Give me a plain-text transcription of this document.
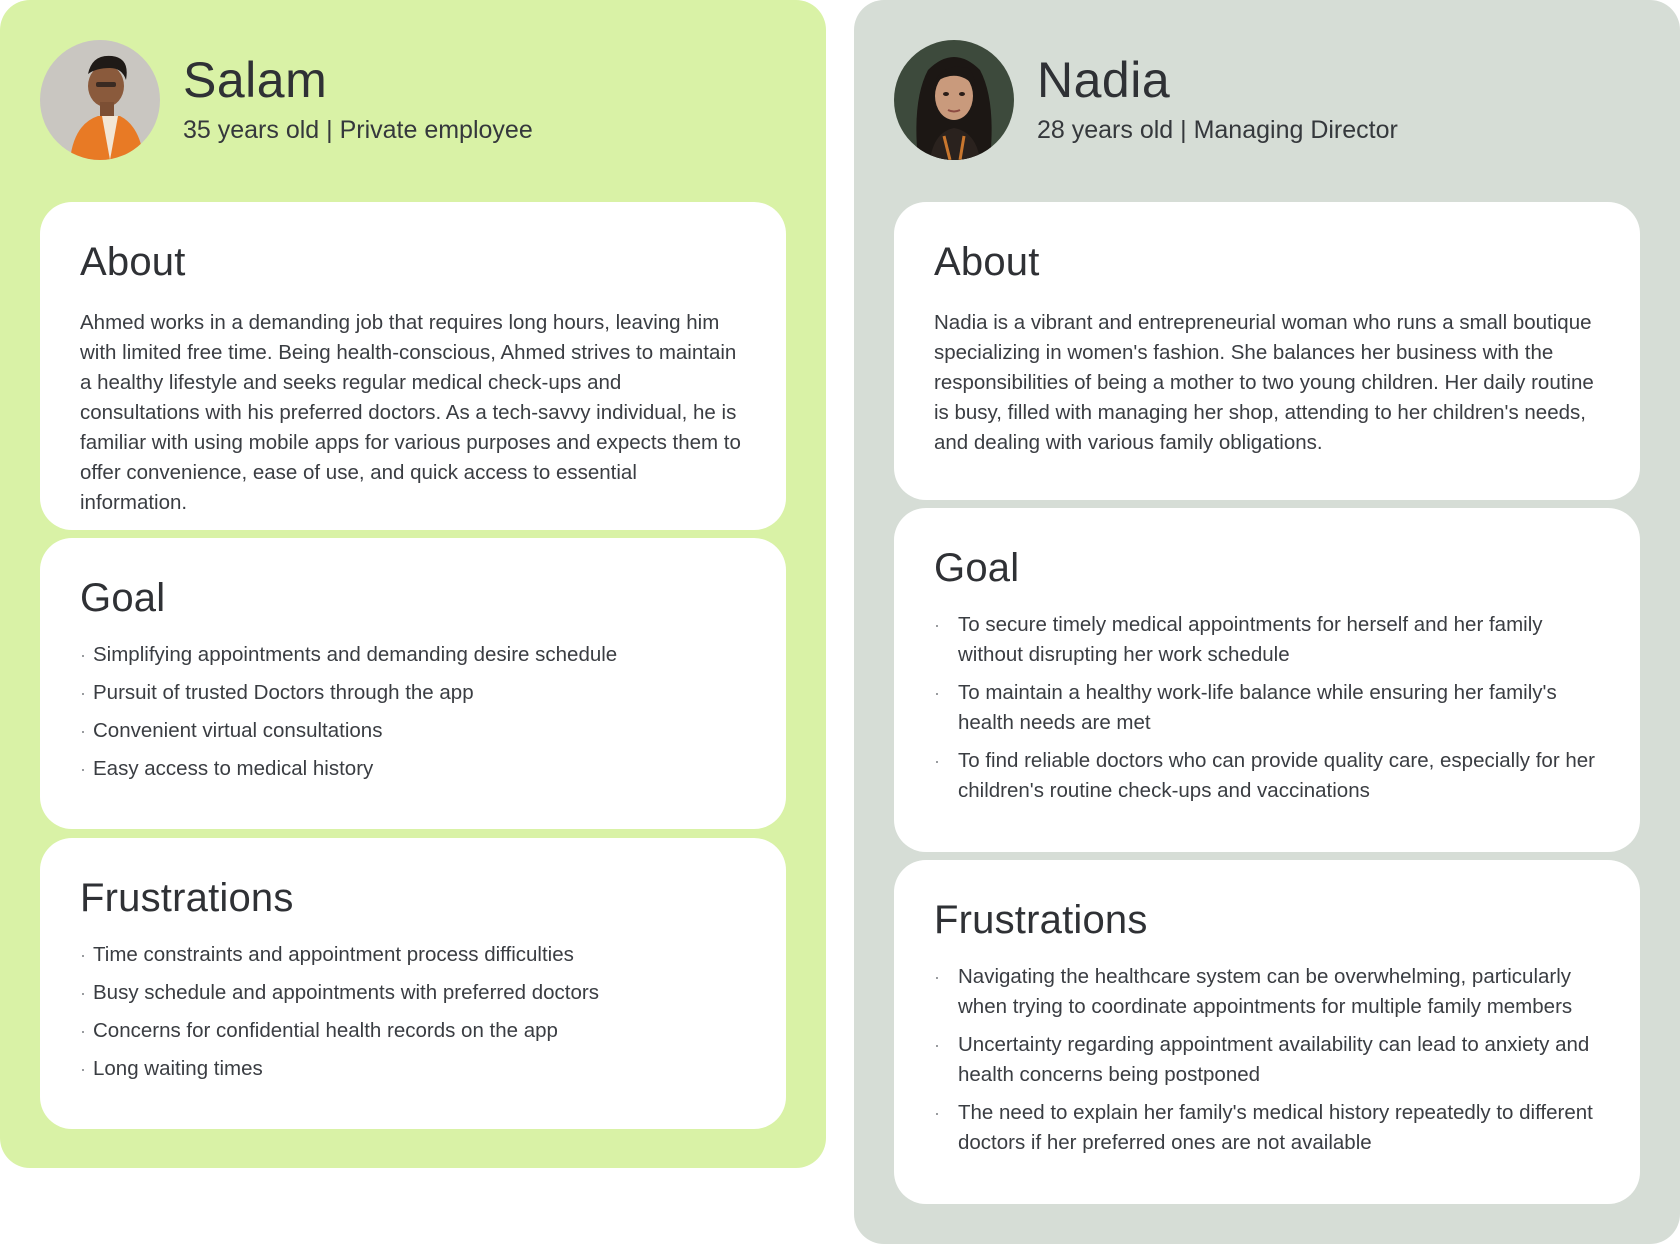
Salam
35 years old | Private employee
About

Ahmed works in a demanding job that requires long hours, leaving him with limited free time. Being health-conscious, Ahmed strives to maintain a healthy lifestyle and seeks regular medical check-ups and consultations with his preferred doctors. As a tech-savvy individual, he is familiar with using mobile apps for various purposes and expects them to offer convenience, ease of use, and quick access to essential information.

Goal
· Simplifying appointments and demanding desire schedule
· Pursuit of trusted Doctors through the app
· Convenient virtual consultations
· Easy access to medical history
Frustrations
· Time constraints and appointment process difficulties
· Busy schedule and appointments with preferred doctors
· Concerns for confidential health records on the app
· Long waiting times
Nadia
28 years old | Managing Director
About

Nadia is a vibrant and entrepreneurial woman who runs a small boutique specializing in women's fashion. She balances her business with the responsibilities of being a mother to two young children. Her daily routine is busy, filled with managing her shop, attending to her children's needs, and dealing with various family obligations.

Goal
· To secure timely medical appointments for herself and her family without disrupting her work schedule
· To maintain a healthy work-life balance while ensuring her family's health needs are met
· To find reliable doctors who can provide quality care, especially for her children's routine check-ups and vaccinations
Frustrations
· Navigating the healthcare system can be overwhelming, particularly when trying to coordinate appointments for multiple family members
· Uncertainty regarding appointment availability can lead to anxiety and health concerns being postponed
· The need to explain her family's medical history repeatedly to different doctors if her preferred ones are not available
